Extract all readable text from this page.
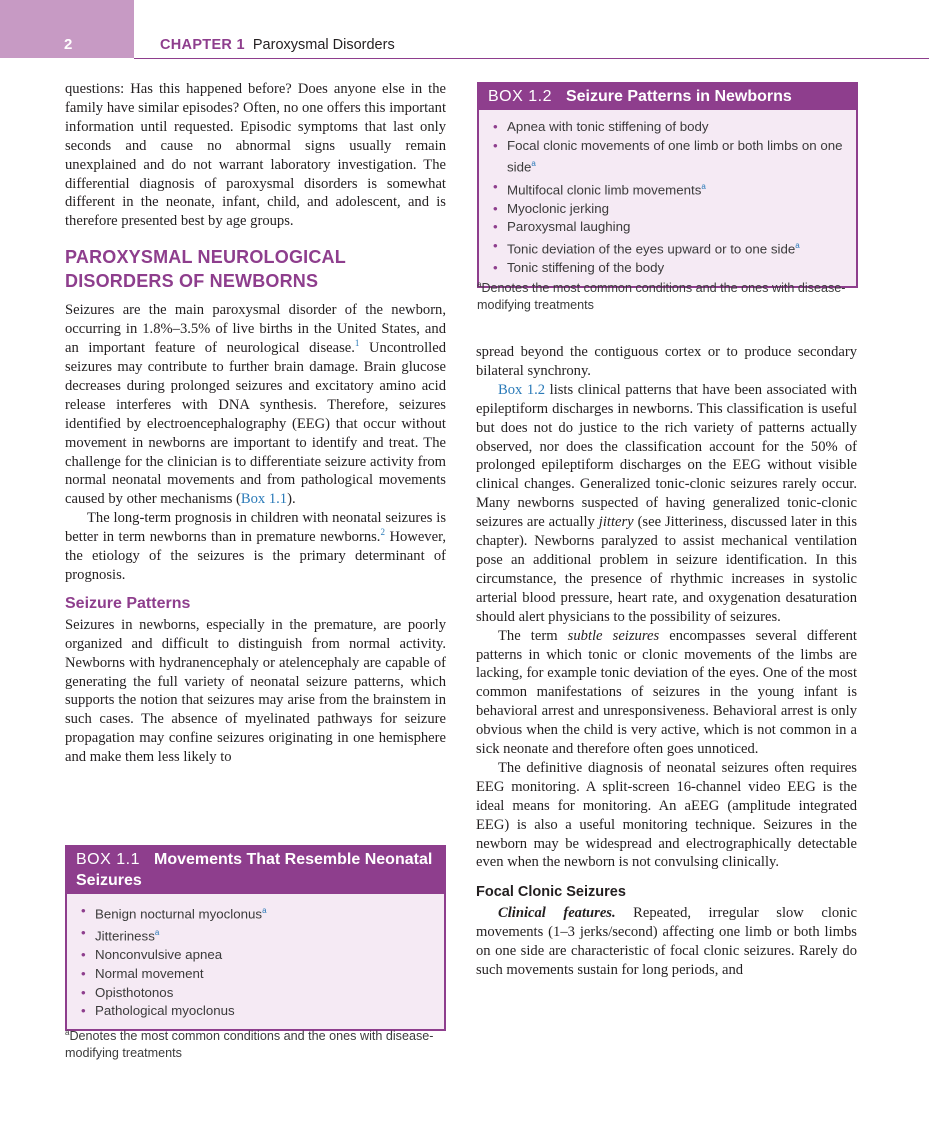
2	CHAPTER 1 Paroxysmal Disorders

questions: Has this happened before? Does anyone else in the family have similar episodes? Often, no one offers this important information until requested. Episodic symptoms that last only seconds and cause no abnormal signs usually remain unexplained and do not warrant laboratory investigation. The differential diagnosis of paroxysmal disorders is somewhat different in the neonate, infant, child, and adolescent, and is therefore presented best by age groups.

PAROXYSMAL NEUROLOGICAL DISORDERS OF NEWBORNS

Seizures are the main paroxysmal disorder of the newborn, occurring in 1.8%–3.5% of live births in the United States, and an important feature of neurological disease.$^1$ Uncontrolled seizures may contribute to further brain damage. Brain glucose decreases during prolonged seizures and excitatory amino acid release interferes with DNA synthesis. Therefore, seizures identified by electroencephalography (EEG) that occur without movement in newborns are important to identify and treat. The challenge for the clinician is to differentiate seizure activity from normal neonatal movements and from pathological movements caused by other mechanisms (Box 1.1).

The long-term prognosis in children with neonatal seizures is better in term newborns than in premature newborns.$^2$ However, the etiology of the seizures is the primary determinant of prognosis.

Seizure Patterns

Seizures in newborns, especially in the premature, are poorly organized and difficult to distinguish from normal activity. Newborns with hydranencephaly or atelencephaly are capable of generating the full variety of neonatal seizure patterns, which supports the notion that seizures may arise from the brainstem in such cases. The absence of myelinated pathways for seizure propagation may confine seizures originating in one hemisphere and make them less likely to

BOX 1.1 Movements That Resemble Neonatal Seizures
• Benign nocturnal myoclonus$^a$
• Jitteriness$^a$
• Nonconvulsive apnea
• Normal movement
• Opisthotonos
• Pathological myoclonus
$^a$Denotes the most common conditions and the ones with disease-modifying treatments
BOX 1.2 Seizure Patterns in Newborns
• Apnea with tonic stiffening of body
• Focal clonic movements of one limb or both limbs on one side$^a$
• Multifocal clonic limb movements$^a$
• Myoclonic jerking
• Paroxysmal laughing
• Tonic deviation of the eyes upward or to one side$^a$
• Tonic stiffening of the body
$^a$Denotes the most common conditions and the ones with disease-modifying treatments

spread beyond the contiguous cortex or to produce secondary bilateral synchrony.

Box 1.2 lists clinical patterns that have been associated with epileptiform discharges in newborns. This classification is useful but does not do justice to the rich variety of patterns actually observed, nor does the classification account for the 50% of prolonged epileptiform discharges on the EEG without visible clinical changes. Generalized tonic-clonic seizures rarely occur. Many newborns suspected of having generalized tonic-clonic seizures are actually jittery (see Jitteriness, discussed later in this chapter). Newborns paralyzed to assist mechanical ventilation pose an additional problem in seizure identification. In this circumstance, the presence of rhythmic increases in systolic arterial blood pressure, heart rate, and oxygenation desaturation should alert physicians to the possibility of seizures.

The term subtle seizures encompasses several different patterns in which tonic or clonic movements of the limbs are lacking, for example tonic deviation of the eyes. One of the most common manifestations of seizures in the young infant is behavioral arrest and unresponsiveness. Behavioral arrest is only obvious when the child is very active, which is not common in a sick neonate and therefore often goes unnoticed.

The definitive diagnosis of neonatal seizures often requires EEG monitoring. A split-screen 16-channel video EEG is the ideal means for monitoring. An aEEG (amplitude integrated EEG) is also a useful monitoring technique. Seizures in the newborn may be widespread and electrographically detectable even when the newborn is not convulsing clinically.

Focal Clonic Seizures

Clinical features. Repeated, irregular slow clonic movements (1–3 jerks/second) affecting one limb or both limbs on one side are characteristic of focal clonic seizures. Rarely do such movements sustain for long periods, and
